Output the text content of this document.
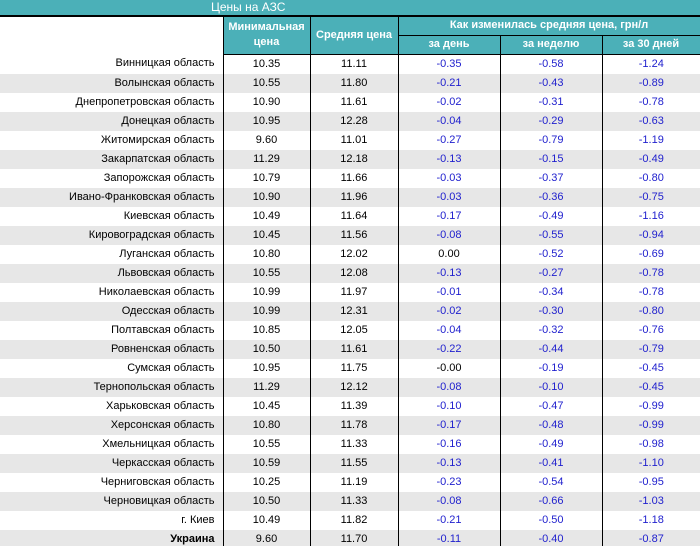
Цены на АЗС					
	Минимальная цена	Средняя цена	Как изменилась средняя цена, грн/л		
			за день	за неделю	за 30 дней
Винницкая область	10.35	11.11	-0.35	-0.58	-1.24
Волынская область	10.55	11.80	-0.21	-0.43	-0.89
Днепропетровская область	10.90	11.61	-0.02	-0.31	-0.78
Донецкая область	10.95	12.28	-0.04	-0.29	-0.63
Житомирская область	9.60	11.01	-0.27	-0.79	-1.19
Закарпатская область	11.29	12.18	-0.13	-0.15	-0.49
Запорожская область	10.79	11.66	-0.03	-0.37	-0.80
Ивано-Франковская область	10.90	11.96	-0.03	-0.36	-0.75
Киевская область	10.49	11.64	-0.17	-0.49	-1.16
Кировоградская область	10.45	11.56	-0.08	-0.55	-0.94
Луганская область	10.80	12.02	0.00	-0.52	-0.69
Львовская область	10.55	12.08	-0.13	-0.27	-0.78
Николаевская область	10.99	11.97	-0.01	-0.34	-0.78
Одесская область	10.99	12.31	-0.02	-0.30	-0.80
Полтавская область	10.85	12.05	-0.04	-0.32	-0.76
Ровненская область	10.50	11.61	-0.22	-0.44	-0.79
Сумская область	10.95	11.75	-0.00	-0.19	-0.45
Тернопольская область	11.29	12.12	-0.08	-0.10	-0.45
Харьковская область	10.45	11.39	-0.10	-0.47	-0.99
Херсонская область	10.80	11.78	-0.17	-0.48	-0.99
Хмельницкая область	10.55	11.33	-0.16	-0.49	-0.98
Черкасская область	10.59	11.55	-0.13	-0.41	-1.10
Черниговская область	10.25	11.19	-0.23	-0.54	-0.95
Черновицкая область	10.50	11.33	-0.08	-0.66	-1.03
г. Киев	10.49	11.82	-0.21	-0.50	-1.18
Украина	9.60	11.70	-0.11	-0.40	-0.87
